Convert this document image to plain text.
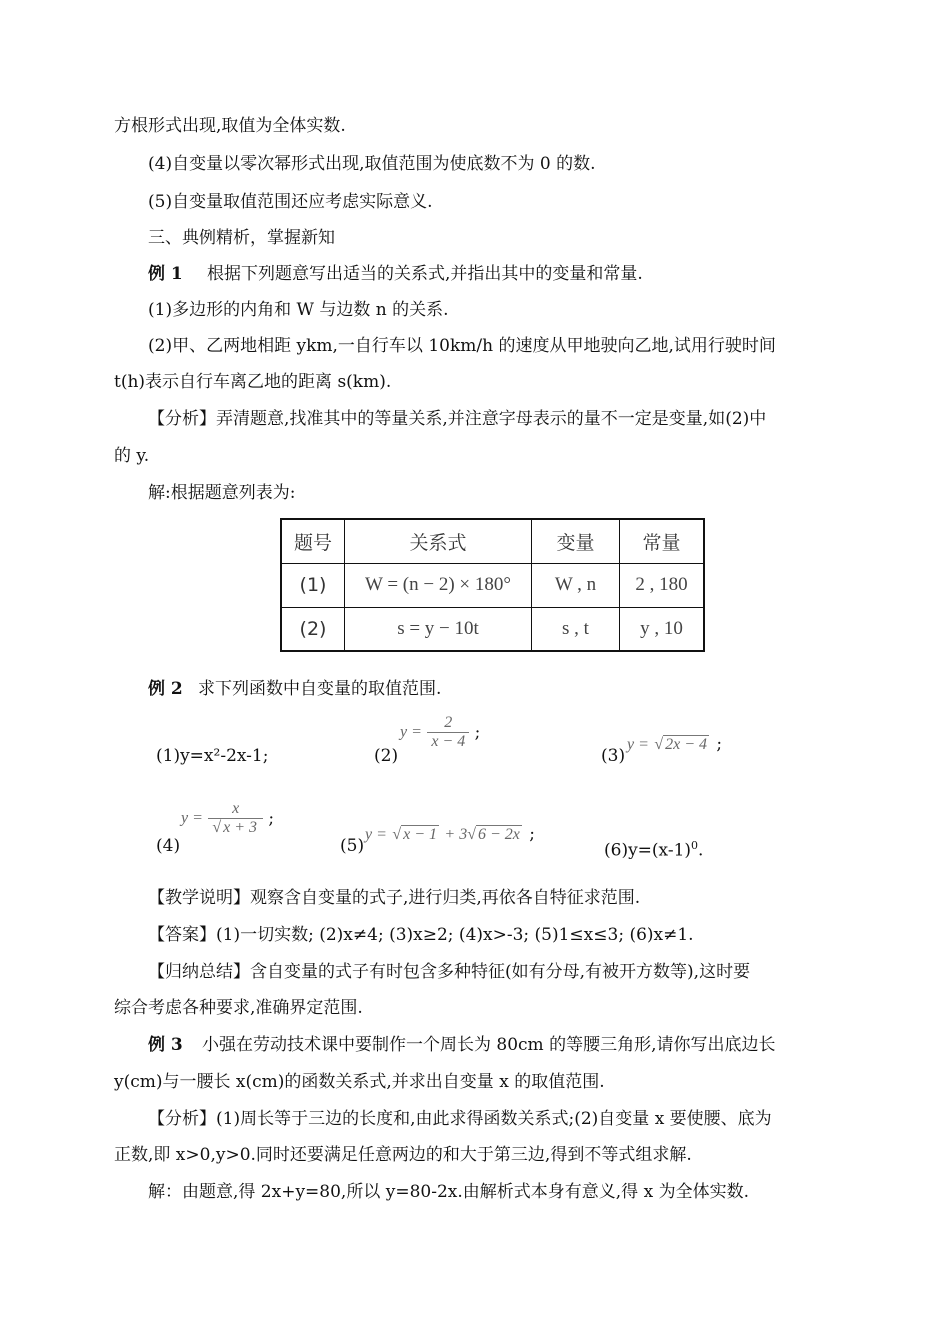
方根形式出现,取值为全体实数.
(4)自变量以零次幂形式出现,取值范围为使底数不为 0 的数.
(5)自变量取值范围还应考虑实际意义.
三、典例精析，掌握新知
例 1 根据下列题意写出适当的关系式,并指出其中的变量和常量.
(1)多边形的内角和 W 与边数 n 的关系.
(2)甲、乙两地相距 ykm,一自行车以 10km/h 的速度从甲地驶向乙地,试用行驶时间
t(h)表示自行车离乙地的距离 s(km).
【分析】弄清题意,找准其中的等量关系,并注意字母表示的量不一定是变量,如(2)中
的 y.
解:根据题意列表为:
题号	关系式	变量	常量
(1)	W = (n − 2) × 180°	W , n	2 , 180
(2)	s = y − 10t	s , t	y , 10
例 2 求下列函数中自变量的取值范围.
(1)y=x²-2x-1;	(2)
$y = \frac{2}{x - 4}$ ;
(3)
y = √ 2x − 4 ;
(4)
$y = \frac{x}{√ x + 3}$ ;
(5)
y = √ x − 1 + 3√ 6 − 2x ;
$(6)y=(x-1)^0$.
【教学说明】观察含自变量的式子,进行归类,再依各自特征求范围.
【答案】(1)一切实数; (2)x≠4; (3)x≥2; (4)x>-3; (5)1≤x≤3; (6)x≠1.
【归纳总结】含自变量的式子有时包含多种特征(如有分母,有被开方数等),这时要
综合考虑各种要求,准确界定范围.
例 3 小强在劳动技术课中要制作一个周长为 80cm 的等腰三角形,请你写出底边长
y(cm)与一腰长 x(cm)的函数关系式,并求出自变量 x 的取值范围.
【分析】(1)周长等于三边的长度和,由此求得函数关系式;(2)自变量 x 要使腰、底为
正数,即 x>0,y>0.同时还要满足任意两边的和大于第三边,得到不等式组求解.
解：由题意,得 2x+y=80,所以 y=80-2x.由解析式本身有意义,得 x 为全体实数.
